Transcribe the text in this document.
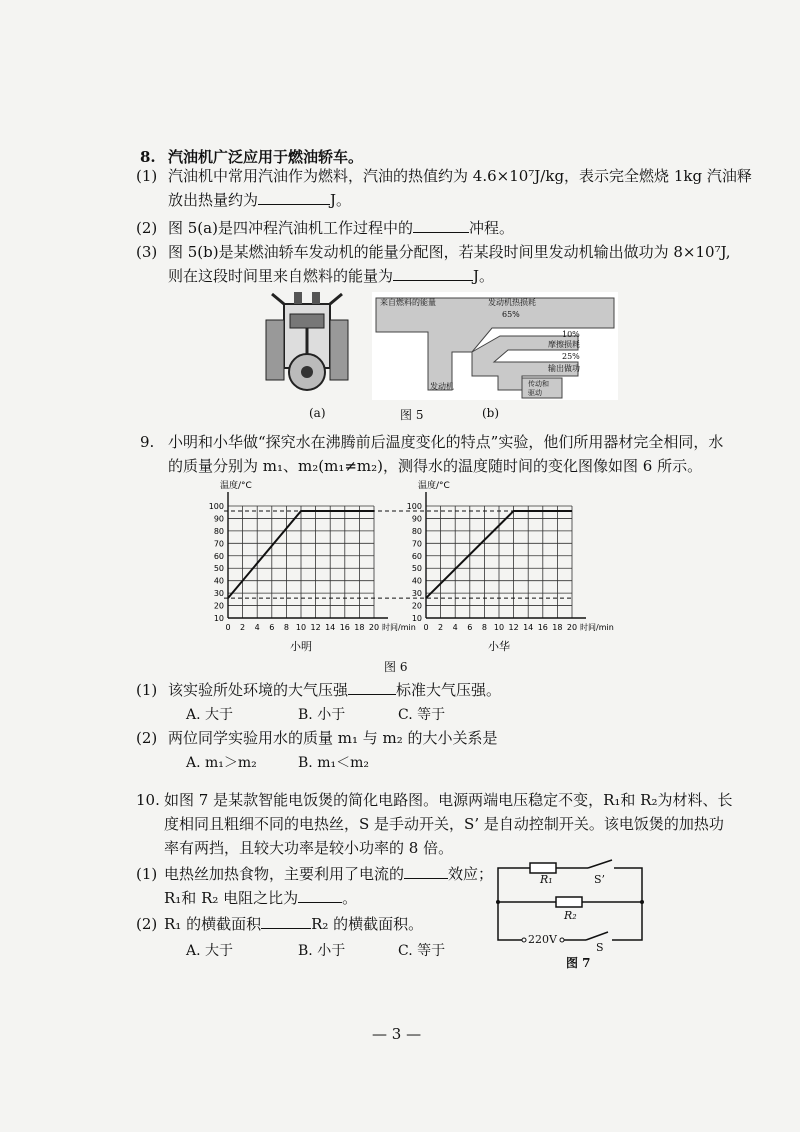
8. 汽油机广泛应用于燃油轿车。
(1) 汽油机中常用汽油作为燃料，汽油的热值约为 4.6×10⁷J/kg，表示完全燃烧 1kg 汽油释
放出热量约为	J。
(2) 图 5(a)是四冲程汽油机工作过程中的	冲程。
(3) 图 5(b)是某燃油轿车发动机的能量分配图，若某段时间里发动机输出做功为 8×10⁷J,
则在这段时间里来自燃料的能量为	J。
来自燃料的能量	发动机热损耗
65%
10%
摩擦损耗
25%
输出做功
发动机	传动和
驱动
(a)	图 5	(b)
9. 小明和小华做“探究水在沸腾前后温度变化的特点”实验，他们所用器材完全相同，水
的质量分别为 m₁、m₂(m₁≠m₂)，测得水的温度随时间的变化图像如图 6 所示。
0 2 4 6 8 10 12 14 16 18 20
10
20
30
40
50
60
70
80
90
100
温度/°C
时间/min
小明
0 2 4 6 8 10 12 14 16 18 20
10
20
30
40
50
60
70
80
90
100
温度/°C
时间/min
小华
图 6
(1) 该实验所处环境的大气压强	标准大气压强。
A. 大于	B. 小于	C. 等于
(2) 两位同学实验用水的质量 m₁ 与 m₂ 的大小关系是
A. m₁＞m₂	B. m₁＜m₂
10. 如图 7 是某款智能电饭煲的简化电路图。电源两端电压稳定不变，R₁和 R₂为材料、长
度相同且粗细不同的电热丝，S 是手动开关，S’ 是自动控制开关。该电饭煲的加热功
率有两挡，且较大功率是较小功率的 8 倍。
(1) 电热丝加热食物，主要利用了电流的	效应；
R₁和 R₂ 电阻之比为	。
(2) R₁ 的横截面积	R₂ 的横截面积。
A. 大于	B. 小于	C. 等于
R₁	S’
R₂
220V
S
图 7
— 3 —
